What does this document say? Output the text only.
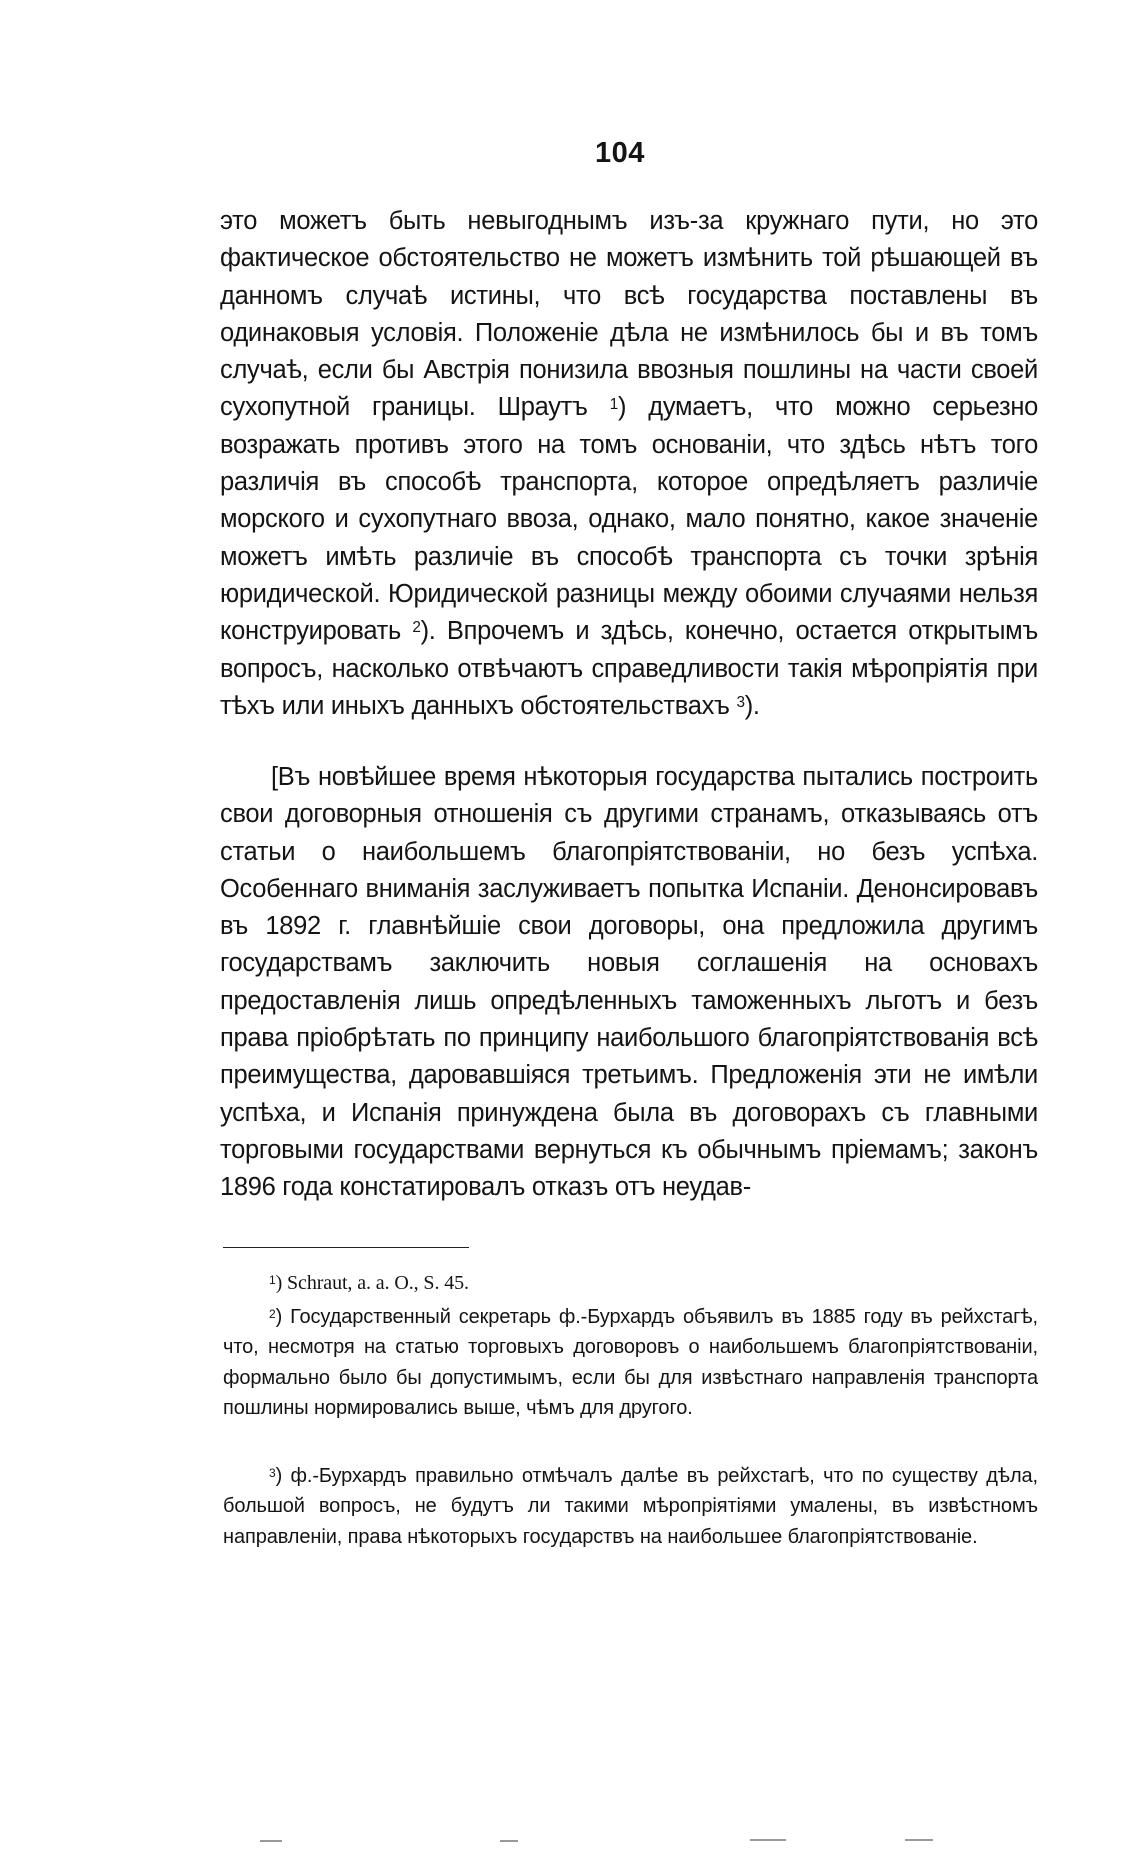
104

это можетъ быть невыгоднымъ изъ-за кружнаго пути, но это фактическое обстоятельство не можетъ измѣнить той рѣшающей въ данномъ случаѣ истины, что всѣ государства поставлены въ одинаковыя условія. Положеніе дѣла не измѣнилось бы и въ томъ случаѣ, если бы Австрія понизила ввозныя пошлины на части своей сухопутной границы. Шраутъ $^1$) думаетъ, что можно серьезно возражать противъ этого на томъ основаніи, что здѣсь нѣтъ того различія въ способѣ транспорта, которое опредѣляетъ различіе морского и сухопутнаго ввоза, однако, мало понятно, какое значеніе можетъ имѣть различіе въ способѣ транспорта съ точки зрѣнія юридической. Юридической разницы между обоими случаями нельзя конструировать $^2$). Впрочемъ и здѣсь, конечно, остается открытымъ вопросъ, насколько отвѣчаютъ справедливости такія мѣропріятія при тѣхъ или иныхъ данныхъ обстоятельствахъ $^3$).

[Въ новѣйшее время нѣкоторыя государства пытались построить свои договорныя отношенія съ другими странамъ, отказываясь отъ статьи о наибольшемъ благопріятствованіи, но безъ успѣха. Особеннаго вниманія заслуживаетъ попытка Испаніи. Денонсировавъ въ 1892 г. главнѣйшіе свои договоры, она предложила другимъ государствамъ заключить новыя соглашенія на основахъ предоставленія лишь опредѣленныхъ таможенныхъ льготъ и безъ права пріобрѣтать по принципу наибольшого благопріятствованія всѣ преимущества, даровавшіяся третьимъ. Предложенія эти не имѣли успѣха, и Испанія принуждена была въ договорахъ съ главными торговыми государствами вернуться къ обычнымъ пріемамъ; законъ 1896 года констатировалъ отказъ отъ неудав-

$^1$) Schraut, a. a. O., S. 45.

$^2$) Государственный секретарь ф.-Бурхардъ объявилъ въ 1885 году въ рейхстагѣ, что, несмотря на статью торговыхъ договоровъ о наибольшемъ благопріятствованіи, формально было бы допустимымъ, если бы для извѣстнаго направленія транспорта пошлины нормировались выше, чѣмъ для другого.

$^3$) ф.-Бурхардъ правильно отмѣчалъ далѣе въ рейхстагѣ, что по существу дѣла, большой вопросъ, не будутъ ли такими мѣропріятіями умалены, въ извѣстномъ направленіи, права нѣкоторыхъ государствъ на наибольшее благопріятствованіе.
